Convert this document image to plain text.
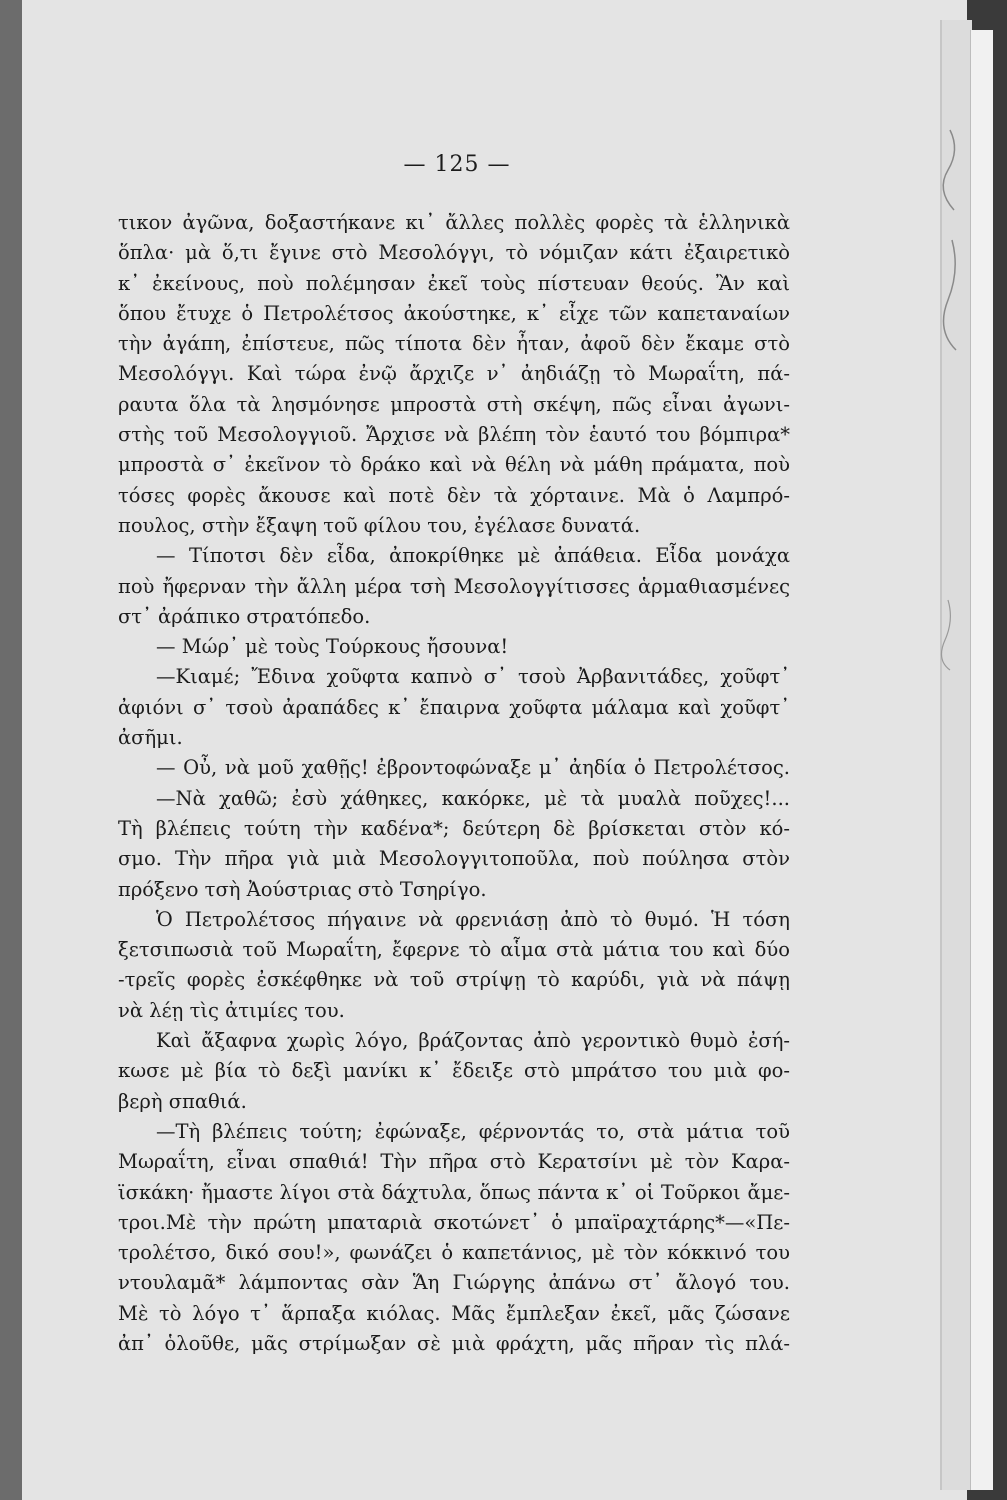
— 125 —
τικον ἀγῶνα, δοξαστήκανε κι᾽ ἄλλες πολλὲς φορὲς τὰ ἑλληνικὰ
ὅπλα· μὰ ὅ,τι ἔγινε στὸ Μεσολόγγι, τὸ νόμιζαν κάτι ἐξαιρετικὸ
κ᾽ ἐκείνους, ποὺ πολέμησαν ἐκεῖ τοὺς πίστευαν θεούς. Ἂν καὶ
ὅπου ἔτυχε ὁ Πετρολέτσος ἀκούστηκε, κ᾽ εἶχε τῶν καπεταναίων
τὴν ἀγάπη, ἐπίστευε, πῶς τίποτα δὲν ἦταν, ἀφοῦ δὲν ἔκαμε στὸ
Μεσολόγγι. Καὶ τώρα ἐνῷ ἄρχιζε ν᾽ ἀηδιάζῃ τὸ Μωραΐτη, πά-
ραυτα ὅλα τὰ λησμόνησε μπροστὰ στὴ σκέψη, πῶς εἶναι ἀγωνι-
στὴς τοῦ Μεσολογγιοῦ. Ἄρχισε νὰ βλέπη τὸν ἑαυτό του βόμπιρα*
μπροστὰ σ᾽ ἐκεῖνον τὸ δράκο καὶ νὰ θέλη νὰ μάθη πράματα, ποὺ
τόσες φορὲς ἄκουσε καὶ ποτὲ δὲν τὰ χόρταινε. Μὰ ὁ Λαμπρό-
πουλος, στὴν ἔξαψη τοῦ φίλου του, ἐγέλασε δυνατά.
— Τίποτσι δὲν εἶδα, ἀποκρίθηκε μὲ ἀπάθεια. Εἶδα μονάχα
ποὺ ἤφερναν τὴν ἄλλη μέρα τσὴ Μεσολογγίτισσες ἁρμαθιασμένες
στ᾽ ἀράπικο στρατόπεδο.
— Μώρ᾽ μὲ τοὺς Τούρκους ἤσουνα!
—Κιαμέ; Ἔδινα χοῦφτα καπνὸ σ᾽ τσοὺ Ἀρβανιτάδες, χοῦφτ᾽
ἀφιόνι σ᾽ τσοὺ ἀραπάδες κ᾽ ἔπαιρνα χοῦφτα μάλαμα καὶ χοῦφτ᾽
ἀσῆμι.
— Οὖ, νὰ μοῦ χαθῇς! ἐβροντοφώναξε μ᾽ ἀηδία ὁ Πετρολέτσος.
—Νὰ χαθῶ; ἐσὺ χάθηκες, κακόρκε, μὲ τὰ μυαλὰ ποῦχες!...
Τὴ βλέπεις τούτη τὴν καδένα*; δεύτερη δὲ βρίσκεται στὸν κό-
σμο. Τὴν πῆρα γιὰ μιὰ Μεσολογγιτοποῦλα, ποὺ πούλησα στὸν
πρόξενο τσὴ Ἀούστριας στὸ Τσηρίγο.
Ὁ Πετρολέτσος πήγαινε νὰ φρενιάσῃ ἀπὸ τὸ θυμό. Ἡ τόση
ξετσιπωσιὰ τοῦ Μωραΐτη, ἔφερνε τὸ αἷμα στὰ μάτια του καὶ δύο
-τρεῖς φορὲς ἐσκέφθηκε νὰ τοῦ στρίψῃ τὸ καρύδι, γιὰ νὰ πάψῃ
νὰ λέῃ τὶς ἀτιμίες του.
Καὶ ἄξαφνα χωρὶς λόγο, βράζοντας ἀπὸ γεροντικὸ θυμὸ ἐσή-
κωσε μὲ βία τὸ δεξὶ μανίκι κ᾽ ἔδειξε στὸ μπράτσο του μιὰ φο-
βερὴ σπαθιά.
—Τὴ βλέπεις τούτη; ἐφώναξε, φέρνοντάς το, στὰ μάτια τοῦ
Μωραΐτη, εἶναι σπαθιά! Τὴν πῆρα στὸ Κερατσίνι μὲ τὸν Καρα-
ϊσκάκη· ἤμαστε λίγοι στὰ δάχτυλα, ὅπως πάντα κ᾽ οἱ Τοῦρκοι ἄμε-
τροι.Μὲ τὴν πρώτη μπαταριὰ σκοτώνετ᾽ ὁ μπαϊραχτάρης*—«Πε-
τρολέτσο, δικό σου!», φωνάζει ὁ καπετάνιος, μὲ τὸν κόκκινό του
ντουλαμᾶ* λάμποντας σὰν Ἅη Γιώργης ἀπάνω στ᾽ ἄλογό του.
Μὲ τὸ λόγο τ᾽ ἅρπαξα κιόλας. Μᾶς ἔμπλεξαν ἐκεῖ, μᾶς ζώσανε
ἀπ᾽ ὁλοῦθε, μᾶς στρίμωξαν σὲ μιὰ φράχτη, μᾶς πῆραν τὶς πλά-
